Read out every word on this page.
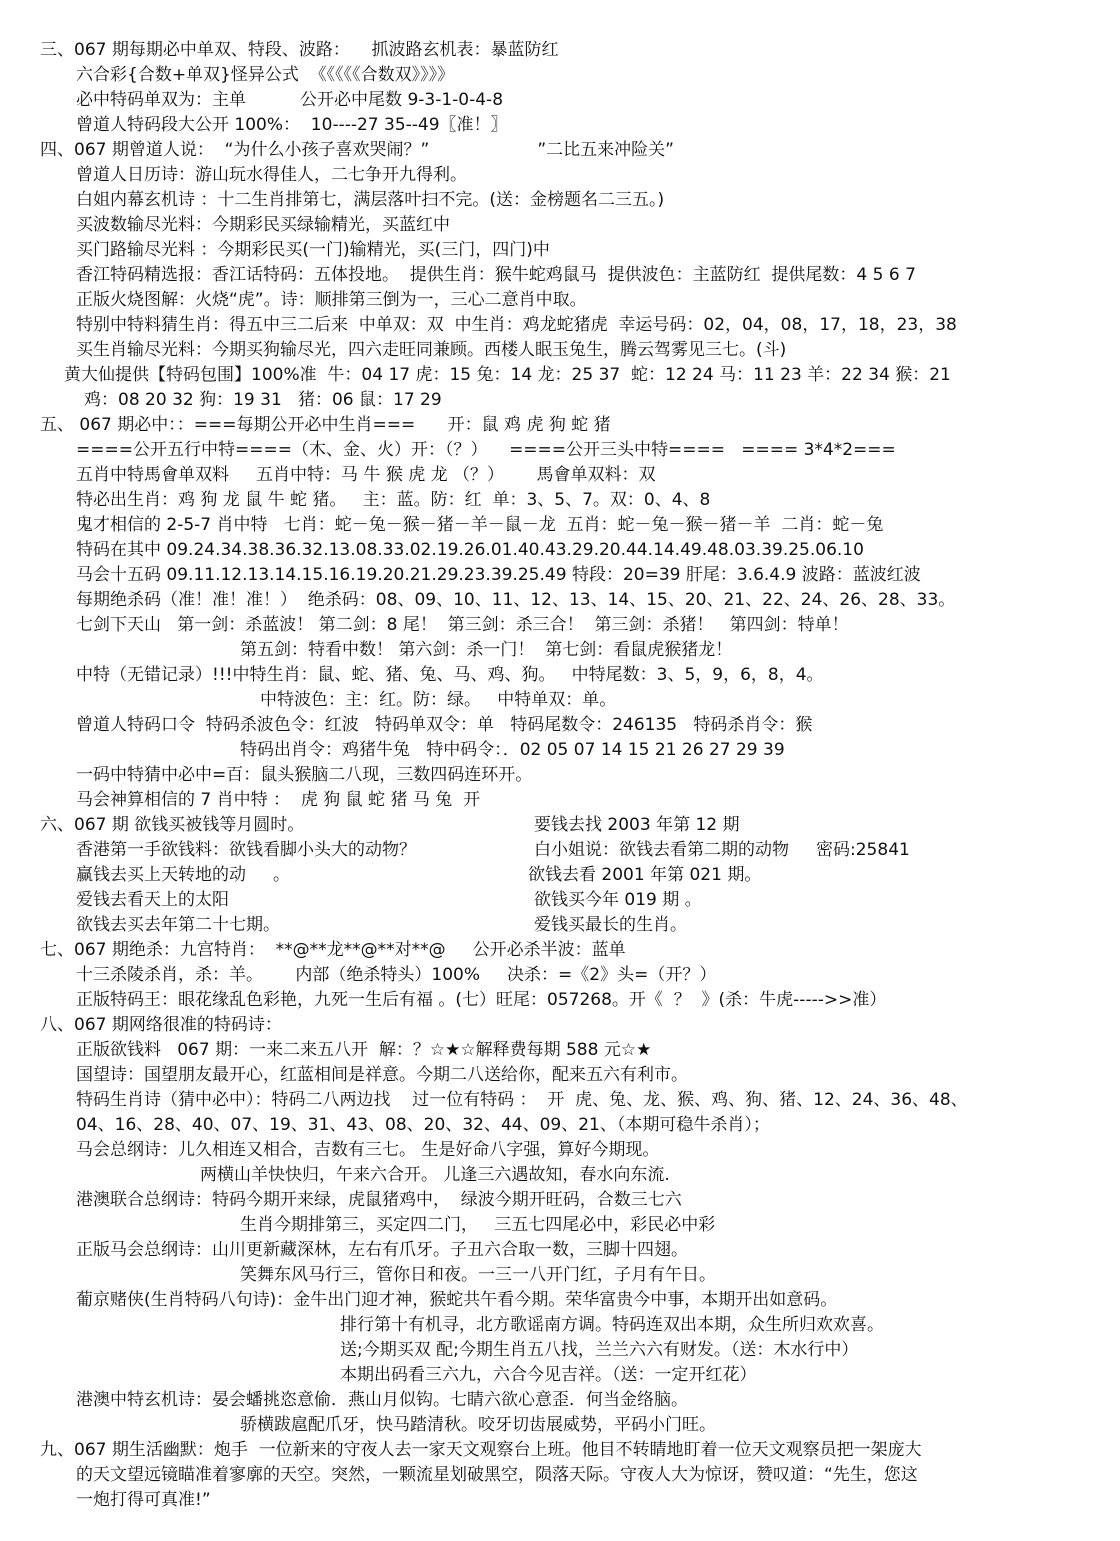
三、067 期每期必中单双、特段、波路：    抓波路玄机表：暴蓝防红
六合彩{合数+单双}怪异公式  《《《《《合数双》》》》
必中特码单双为：主单          公开必中尾数 9-3-1-0-4-8
曾道人特码段大公开 100%：  10----27 35--49〖准！〗
四、067 期曾道人说：  “为什么小孩子喜欢哭闹？”                    ”二比五来冲险关”
曾道人日历诗：游山玩水得佳人，二七争开九得利。
白姐内幕玄机诗 ：十二生肖排第七，满层落叶扫不完。(送：金榜题名二三五。)
买波数输尽光料：今期彩民买绿输精光，买蓝红中
买门路输尽光料 ：今期彩民买(一门)输精光，买(三门，四门)中
香江特码精选报：香江话特码：五体投地。  提供生肖：猴牛蛇鸡鼠马  提供波色：主蓝防红  提供尾数：4 5 6 7
正版火烧图解：火烧“虎”。诗：顺排第三倒为一，三心二意肖中取。
特别中特料猜生肖：得五中三二后来  中单双：双  中生肖：鸡龙蛇猪虎  幸运号码：02，04，08，17，18，23，38
买生肖输尽光料：今期买狗输尽光，四六走旺同兼顾。西楼人眠玉兔生，腾云驾雾见三七。(斗)
黄大仙提供【特码包围】100%准  牛：04 17 虎：15 兔：14 龙：25 37  蛇：12 24 马：11 23 羊：22 34 猴：21
鸡：08 20 32 狗：19 31   猪：06 鼠：17 29
五、 067 期必中：：===每期公开必中生肖===      开：鼠 鸡 虎 狗 蛇 猪
====公开五行中特====（木、金、火）开：（？）    ====公开三头中特====   ==== 3*4*2===
五肖中特馬會单双料     五肖中特：马 牛 猴 虎 龙 （？）      馬會单双料：双
特必出生肖：鸡 狗 龙 鼠 牛 蛇 猪。   主：蓝。防：红  单：3、5、7。双：0、4、8
鬼才相信的 2-5-7 肖中特   七肖：蛇－兔－猴－猪－羊－鼠－龙  五肖：蛇－兔－猴－猪－羊  二肖：蛇－兔
特码在其中 09.24.34.38.36.32.13.08.33.02.19.26.01.40.43.29.20.44.14.49.48.03.39.25.06.10
马会十五码 09.11.12.13.14.15.16.19.20.21.29.23.39.25.49 特段：20=39 肝尾：3.6.4.9 波路：蓝波红波
每期绝杀码（准！准！准！）  绝杀码：08、09、10、11、12、13、14、15、20、21、22、24、26、28、33。
七剑下天山   第一剑：杀蓝波！ 第二剑：8 尾！  第三剑：杀三合！  第三剑：杀猪！   第四剑：特单！
第五剑：特看中数！ 第六剑：杀一门！  第七剑：看鼠虎猴猪龙！
中特（无错记录）!!!中特生肖：鼠、蛇、猪、兔、马、鸡、狗。   中特尾数：3、5，9，6，8，4。
中特波色：主：红。防：绿。   中特单双：单。
曾道人特码口令  特码杀波色令：红波   特码单双令：单   特码尾数令：246135   特码杀肖令：猴
特码出肖令：鸡猪牛兔   特中码令：．02 05 07 14 15 21 26 27 29 39
一码中特猜中必中=百：鼠头猴脑二八现，三数四码连环开。
马会神算相信的 7 肖中特 ：  虎 狗 鼠 蛇 猪 马 兔  开
六、067 期 欲钱买被钱等月圆时。	要钱去找 2003 年第 12 期
香港第一手欲钱料：欲钱看脚小头大的动物？	白小姐说：欲钱去看第二期的动物     密码:25841
赢钱去买上天转地的动     。	欲钱去看 2001 年第 021 期。
爱钱去看天上的太阳	欲钱买今年 019 期 。
欲钱去买去年第二十七期。	爱钱买最长的生肖。
七、067 期绝杀：九宫特肖：  **@**龙**@**对**@     公开必杀半波：蓝单
十三杀陵杀肖，杀：羊。      内部（绝杀特头）100%     决杀：=《2》头=（开？）
正版特码王：眼花缘乱色彩艳，九死一生后有福 。(七）旺尾：057268。开《  ？  》(杀：牛虎----->>准）
八、067 期网络很准的特码诗：
正版欲钱料   067 期：一来二来五八开  解：？☆★☆解释费每期 588 元☆★
国望诗：国望朋友最开心，红蓝相间是祥意。今期二八送给你，配来五六有利市。
特码生肖诗（猜中必中）：特码二八两边找    过一位有特码 ：  开  虎、兔、龙、猴、鸡、狗、猪、12、24、36、48、
04、16、28、40、07、19、31、43、08、20、32、44、09、21、（本期可稳牛杀肖）；
马会总纲诗：儿久相连又相合，吉数有三七。 生是好命八字强，算好今期现。
两横山羊快快归，午来六合开。 儿逢三六遇故知，春水向东流.
港澳联合总纲诗：特码今期开来绿，虎鼠猪鸡中，  绿波今期开旺码，合数三七六
生肖今期排第三，买定四二门，   三五七四尾必中，彩民必中彩
正版马会总纲诗：山川更新藏深林，左右有爪牙。子丑六合取一数，三脚十四翅。
笑舞东风马行三，管你日和夜。一三一八开门红，子月有午日。
葡京赌侠(生肖特码八句诗)：金牛出门迎才神，猴蛇共午看今期。荣华富贵今中事，本期开出如意码。
排行第十有机寻，北方歌谣南方调。特码连双出本期，众生所归欢欢喜。
送;今期买双 配;今期生肖五八找，兰兰六六有财发。（送：木水行中）
本期出码看三六九，六合今见吉祥。（送：一定开红花）
港澳中特玄机诗：晏会蟠挑恣意偷．燕山月似钩。七睛六欲心意歪．何当金络脑。
骄横跋扈配爪牙，快马踏清秋。咬牙切齿展威势，平码小门旺。
九、067 期生活幽默：炮手  一位新来的守夜人去一家天文观察台上班。他目不转睛地盯着一位天文观察员把一架庞大
的天文望远镜瞄准着寥廓的天空。突然，一颗流星划破黑空，陨落天际。守夜人大为惊讶，赞叹道：“先生，您这
一炮打得可真准!”
